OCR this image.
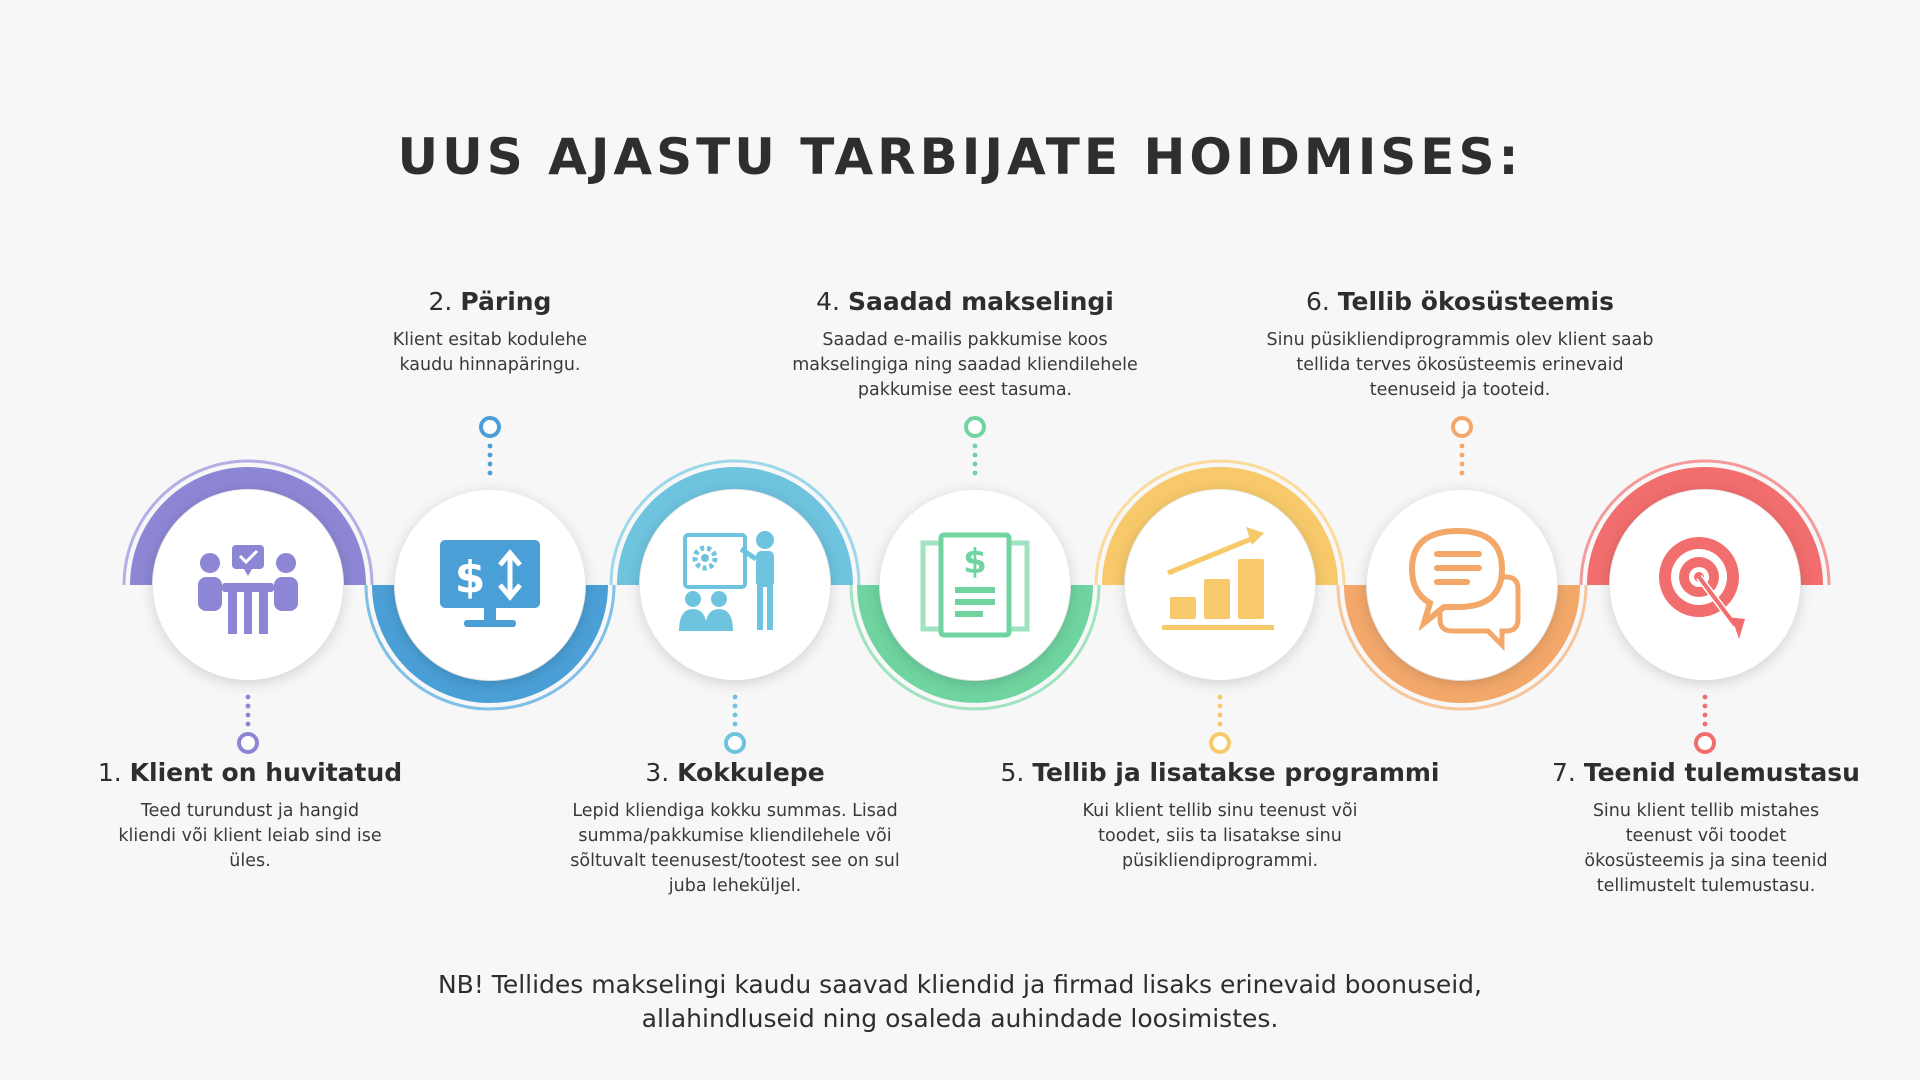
UUS AJASTU TARBIJATE HOIDMISES:
$	$
1. Klient on huvitatud
Teed turundust ja hangid kliendi või klient leiab sind ise üles.
2. Päring
Klient esitab kodulehe kaudu hinnapäringu.
3. Kokkulepe
Lepid kliendiga kokku summas. Lisad summa/pakkumise kliendilehele või sõltuvalt teenusest/tootest see on sul juba leheküljel.
4. Saadad makselingi
Saadad e-mailis pakkumise koos makselingiga ning saadad kliendilehele pakkumise eest tasuma.
5. Tellib ja lisatakse programmi
Kui klient tellib sinu teenust või toodet, siis ta lisatakse sinu püsikliendiprogrammi.
6. Tellib ökosüsteemis
Sinu püsikliendiprogrammis olev klient saab tellida terves ökosüsteemis erinevaid teenuseid ja tooteid.
7. Teenid tulemustasu
Sinu klient tellib mistahes teenust või toodet ökosüsteemis ja sina teenid tellimustelt tulemustasu.
NB! Tellides makselingi kaudu saavad kliendid ja firmad lisaks erinevaid boonuseid, allahindluseid ning osaleda auhindade loosimistes.
